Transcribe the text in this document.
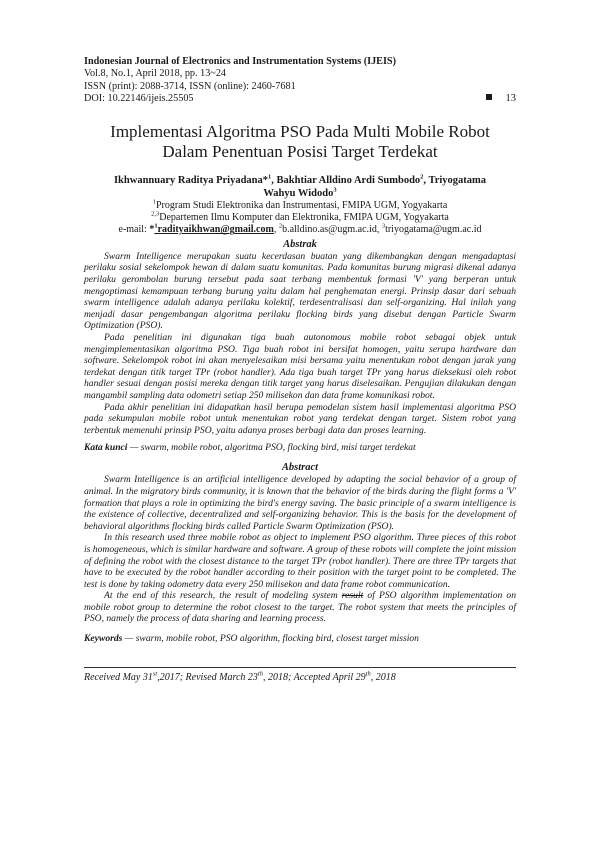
Indonesian Journal of Electronics and Instrumentation Systems (IJEIS)
Vol.8, No.1, April 2018, pp. 13~24
ISSN (print): 2088-3714, ISSN (online): 2460-7681
DOI: 10.22146/ijeis.25505	13
Implementasi Algoritma PSO Pada Multi Mobile Robot
Dalam Penentuan Posisi Target Terdekat
Ikhwannuary Raditya Priyadana*$^1$, Bakhtiar Alldino Ardi Sumbodo$^2$, Triyogatama
Wahyu Widodo$^3$
$^1$Program Studi Elektronika dan Instrumentasi, FMIPA UGM, Yogyakarta
$^{2,3}$Departemen Ilmu Komputer dan Elektronika, FMIPA UGM, Yogyakarta
e-mail: *$^1$radityaikhwan@gmail.com, $^2$b.alldino.as@ugm.ac.id, $^3$triyogatama@ugm.ac.id
Abstrak

Swarm Intelligence merupakan suatu kecerdasan buatan yang dikembangkan dengan mengadaptasi perilaku sosial sekelompok hewan di dalam suatu komunitas. Pada komunitas burung migrasi dikenal adanya perilaku gerombolan burung tersebut pada saat terbang membentuk formasi 'V' yang berperan untuk mengoptimasi kemampuan terbang burung yaitu dalam hal penghematan energi. Prinsip dasar dari sebuah swarm intelligence adalah adanya perilaku kolektif, terdesentralisasi dan self-organizing. Hal inilah yang menjadi dasar pengembangan algoritma perilaku flocking birds yang disebut dengan Particle Swarm Optimization (PSO).

Pada penelitian ini digunakan tiga buah autonomous mobile robot sebagai objek untuk mengimplementasikan algoritma PSO. Tiga buah robot ini bersifat homogen, yaitu serupa hardware dan software. Sekelompok robot ini akan menyelesaikan misi bersama yaitu menentukan robot dengan jarak yang terdekat dengan titik target TPr (robot handler). Ada tiga buah target TPr yang harus dieksekusi oleh robot handler sesuai dengan posisi mereka dengan titik target yang harus diselesaikan. Pengujian dilakukan dengan mangambil sampling data odometri setiap 250 milisekon dan data frame komunikasi robot.

Pada akhir penelitian ini didapatkan hasil berupa pemodelan sistem hasil implementasi algoritma PSO pada sekumpulan mobile robot untuk menentukan robot yang terdekat dengan target. Sistem robot yang terbentuk memenuhi prinsip PSO, yaitu adanya proses berbagi data dan proses learning.

Kata kunci — swarm, mobile robot, algoritma PSO, flocking bird, misi target terdekat
Abstract

Swarm Intelligence is an artificial intelligence developed by adapting the social behavior of a group of animal. In the migratory birds community, it is known that the behavior of the birds during the flight forms a 'V' formation that plays a role in optimizing the bird's energy saving. The basic principle of a swarm intelligence is the existence of collective, decentralized and self-organizing behavior. This is the basis for the development of behavioral algorithms flocking birds called Particle Swarm Optimization (PSO).

In this research used three mobile robot as object to implement PSO algorithm. Three pieces of this robot is homogeneous, which is similar hardware and software. A group of these robots will complete the joint mission of defining the robot with the closest distance to the target TPr (robot handler). There are three TPr targets that have to be executed by the robot handler according to their position with the target point to be completed. The test is done by taking odometry data every 250 milisekon and data frame robot communication.

At the end of this research, the result of modeling system result of PSO algorithm implementation on mobile robot group to determine the robot closest to the target. The robot system that meets the principles of PSO, namely the process of data sharing and learning process.

Keywords — swarm, mobile robot, PSO algorithm, flocking bird, closest target mission
Received May 31st,2017; Revised March 23th, 2018; Accepted April 29th, 2018
